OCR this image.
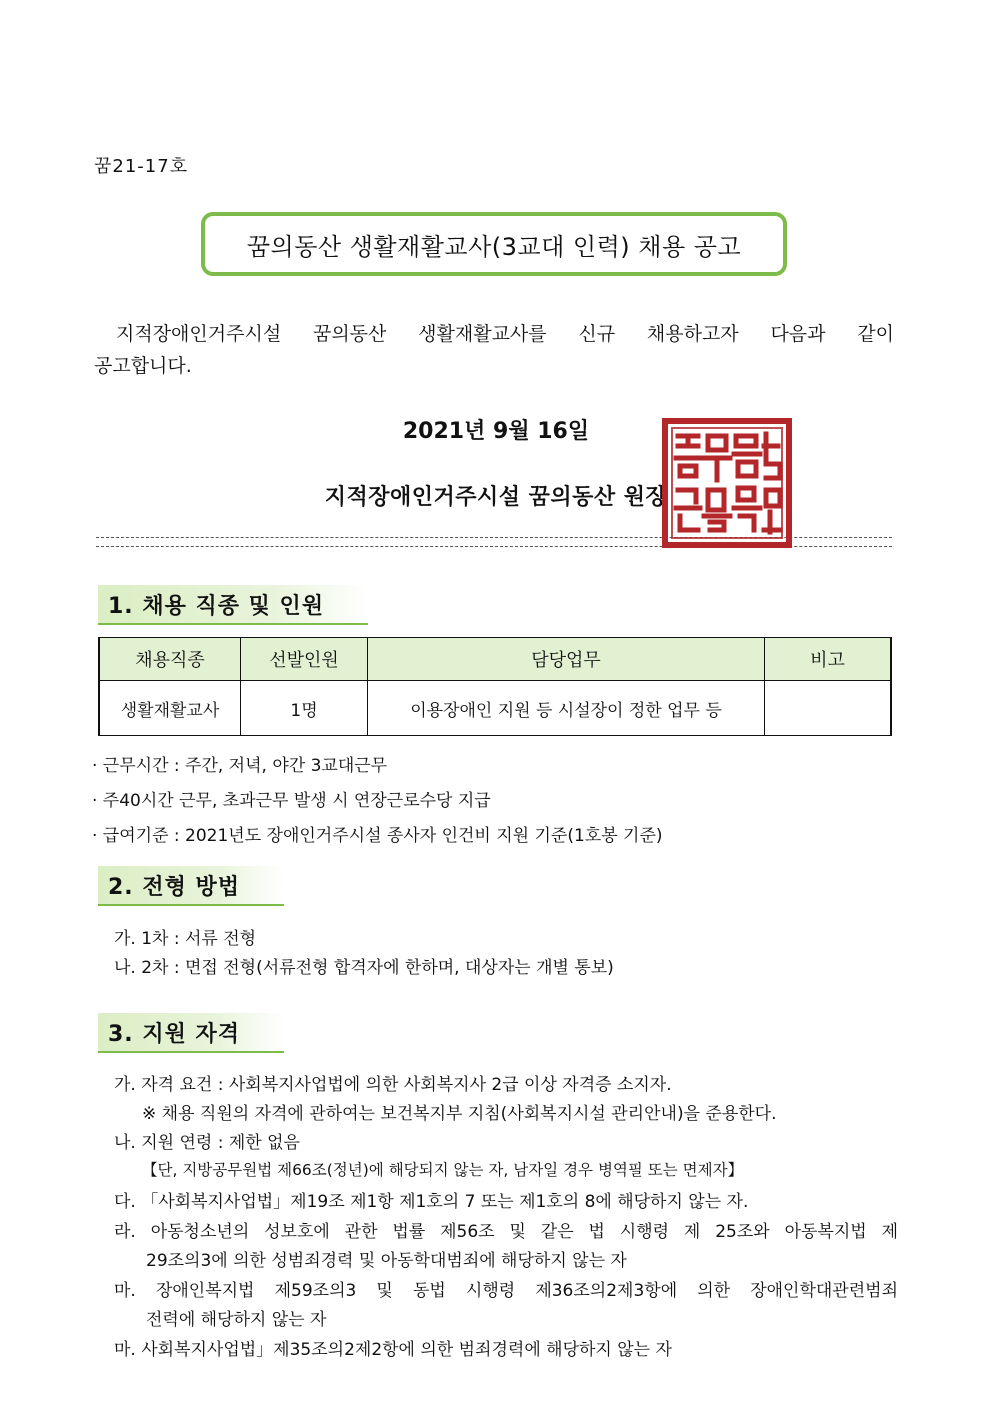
꿈21-17호
꿈의동산 생활재활교사(3교대 인력) 채용 공고
지적장애인거주시설 꿈의동산 생활재활교사를 신규 채용하고자 다음과 같이
공고합니다.
2021년 9월 16일
지적장애인거주시설 꿈의동산 원장
1. 채용 직종 및 인원
채용직종	선발인원	담당업무	비고
생활재활교사	1명	이용장애인 지원 등 시설장이 정한 업무 등	
· 근무시간 : 주간, 저녁, 야간 3교대근무
· 주40시간 근무, 초과근무 발생 시 연장근로수당 지급
· 급여기준 : 2021년도 장애인거주시설 종사자 인건비 지원 기준(1호봉 기준)
2. 전형 방법
가. 1차 : 서류 전형
나. 2차 : 면접 전형(서류전형 합격자에 한하며, 대상자는 개별 통보)
3. 지원 자격
가. 자격 요건 : 사회복지사업법에 의한 사회복지사 2급 이상 자격증 소지자.
※ 채용 직원의 자격에 관하여는 보건복지부 지침(사회복지시설 관리안내)을 준용한다.
나. 지원 연령 : 제한 없음
【단, 지방공무원법 제66조(정년)에 해당되지 않는 자, 남자일 경우 병역필 또는 면제자】
다. 「사회복지사업법」제19조 제1항 제1호의 7 또는 제1호의 8에 해당하지 않는 자.
라. 아동청소년의 성보호에 관한 법률 제56조 및 같은 법 시행령 제 25조와 아동복지법 제
29조의3에 의한 성범죄경력 및 아동학대범죄에 해당하지 않는 자
마. 장애인복지법 제59조의3 및 동법 시행령 제36조의2제3항에 의한 장애인학대관련범죄
전력에 해당하지 않는 자
마. 사회복지사업법」제35조의2제2항에 의한 범죄경력에 해당하지 않는 자
